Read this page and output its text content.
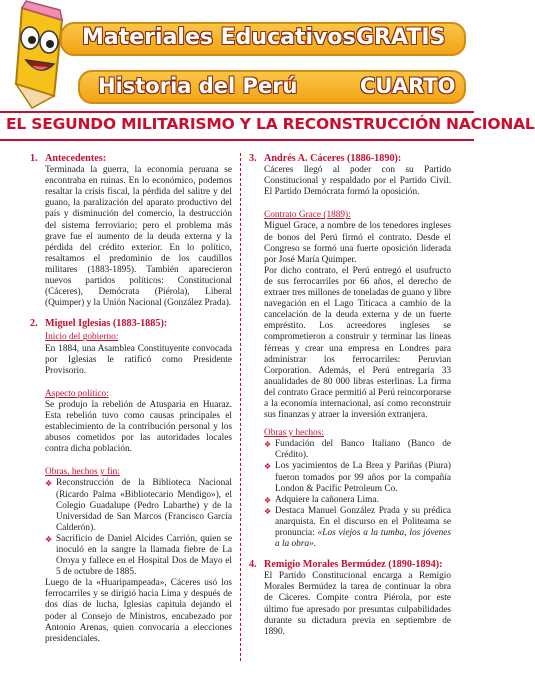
Materiales Educativos GRATIS
Historia del Perú	CUARTO
EL SEGUNDO MILITARISMO Y LA RECONSTRUCCIÓN NACIONAL
1. Antecedentes:
Terminada la guerra, la economía peruana se encontraba en ruinas. En lo económico, podemos resaltar la crisis fiscal, la pérdida del salitre y del guano, la paralización del aparato productivo del país y disminución del comercio, la destrucción del sistema ferroviario; pero el problema más grave fue el aumento de la deuda externa y la pérdida del crédito exterior. En lo político, resaltamos el predominio de los caudillos militares (1883-1895). También aparecieron nuevos partidos políticos: Constitucional (Cáceres), Demócrata (Piérola), Liberal (Quimper) y la Unión Nacional (González Prada).
2. Miguel Iglesias (1883-1885):
Inicio del gobierno:
En 1884, una Asamblea Constituyente convocada por Iglesias le ratificó como Presidente Provisorio.
Aspecto político:
Se produjo la rebelión de Atusparia en Huaraz. Esta rebelión tuvo como causas principales el establecimiento de la contribución personal y los abusos cometidos por las autoridades locales contra dicha población.
Obras, hechos y fin:
❖ Reconstrucción de la Biblioteca Nacional (Ricardo Palma «Bibliotecario Mendigo»), el Colegio Guadalupe (Pedro Labarthe) y de la Universidad de San Marcos (Francisco García Calderón).
❖ Sacrificio de Daniel Alcides Carrión, quien se inoculó en la sangre la llamada fiebre de La Oroya y fallece en el Hospital Dos de Mayo el 5 de octubre de 1885.
Luego de la «Huaripampeada», Cáceres usó los ferrocarriles y se dirigió hacia Lima y después de dos días de lucha, Iglesias capitula dejando el poder al Consejo de Ministros, encabezado por Antonio Arenas, quien convocaría a elecciones presidenciales.
3. Andrés A. Cáceres (1886-1890):
Cáceres llegó al poder con su Partido Constitucional y respaldado por el Partido Civil. El Partido Demócrata formó la oposición.
Contrato Grace (1889):
Miguel Grace, a nombre de los tenedores ingleses de bonos del Perú firmó el contrato. Desde el Congreso se formó una fuerte oposición liderada por José María Quimper.
Por dicho contrato, el Perú entregó el usufructo de sus ferrocarriles por 66 años, el derecho de extraer tres millones de toneladas de guano y libre navegación en el Lago Titicaca a cambio de la cancelación de la deuda externa y de un fuerte empréstito. Los acreedores ingleses se comprometieron a construir y terminar las líneas férreas y crear una empresa en Londres para administrar los ferrocarriles: Peruvian Corporation. Además, el Perú entregaría 33 anualidades de 80 000 libras esterlinas. La firma del contrato Grace permitió al Perú reincorporarse a la economía internacional, así como reconstruir sus finanzas y atraer la inversión extranjera.
Obras y hechos:
❖ Fundación del Banco Italiano (Banco de Crédito).
❖ Los yacimientos de La Brea y Pariñas (Piura) fueron tomados por 99 años por la compañía London & Pacific Petroleum Co.
❖ Adquiere la cañonera Lima.
❖ Destaca Manuel González Prada y su prédica anarquista. En el discurso en el Politeama se pronuncia: «Los viejos a la tumba, los jóvenes a la obra».
4. Remigio Morales Bermúdez (1890-1894):
El Partido Constitucional encarga a Remigio Morales Bermúdez la tarea de continuar la obra de Cáceres. Compite contra Piérola, por este último fue apresado por presuntas culpabilidades durante su dictadura previa en septiembre de 1890.
